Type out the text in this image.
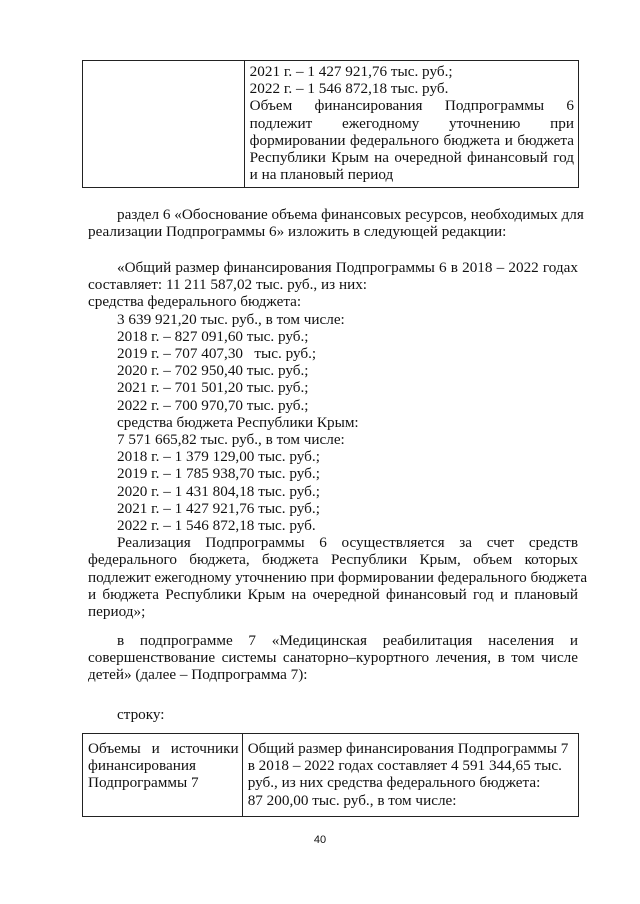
2021 г. – 1 427 921,76 тыс. руб.;
2022 г. – 1 546 872,18 тыс. руб.
Объем финансирования Подпрограммы 6
подлежит ежегодному уточнению при
формировании федерального бюджета и бюджета
Республики Крым на очередной финансовый год
и на плановый период
раздел 6 «Обоснование объема финансовых ресурсов, необходимых для
реализации Подпрограммы 6» изложить в следующей редакции:
«Общий размер финансирования Подпрограммы 6 в 2018 – 2022 годах
составляет: 11 211 587,02 тыс. руб., из них:
средства федерального бюджета:
3 639 921,20 тыс. руб., в том числе:
2018 г. – 827 091,60 тыс. руб.;
2019 г. – 707 407,30   тыс. руб.;
2020 г. – 702 950,40 тыс. руб.;
2021 г. – 701 501,20 тыс. руб.;
2022 г. – 700 970,70 тыс. руб.;
средства бюджета Республики Крым:
7 571 665,82 тыс. руб., в том числе:
2018 г. – 1 379 129,00 тыс. руб.;
2019 г. – 1 785 938,70 тыс. руб.;
2020 г. – 1 431 804,18 тыс. руб.;
2021 г. – 1 427 921,76 тыс. руб.;
2022 г. – 1 546 872,18 тыс. руб.
Реализация Подпрограммы 6 осуществляется за счет средств
федерального бюджета, бюджета Республики Крым, объем которых
подлежит ежегодному уточнению при формировании федерального бюджета
и бюджета Республики Крым на очередной финансовый год и плановый
период»;
в подпрограмме 7 «Медицинская реабилитация населения и
совершенствование системы санаторно–курортного лечения, в том числе
детей» (далее – Подпрограмма 7):
строку:
Объемы и источники
финансирования
Подпрограммы 7
Общий размер финансирования Подпрограммы 7
в 2018 – 2022 годах составляет 4 591 344,65 тыс.
руб., из них средства федерального бюджета:
87 200,00 тыс. руб., в том числе:
40
